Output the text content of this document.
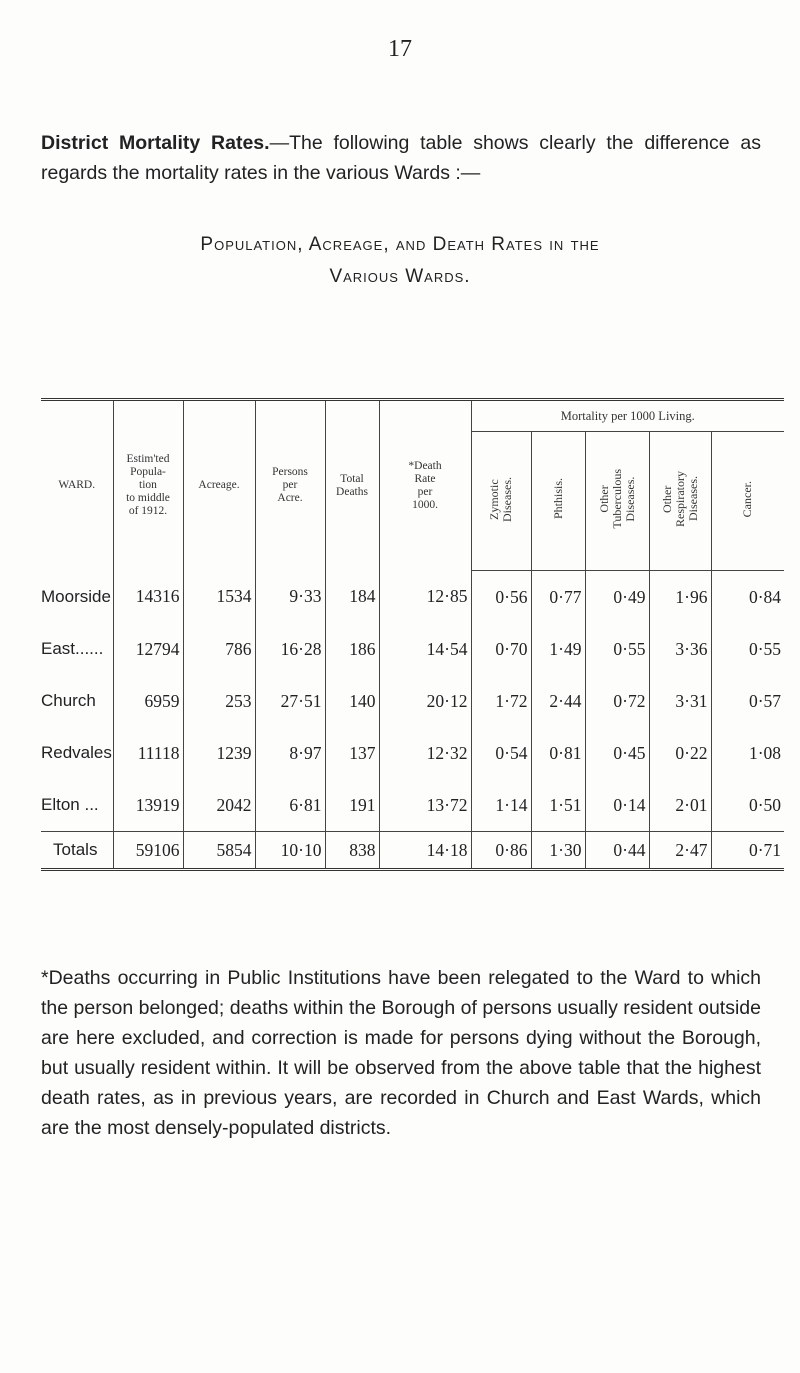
17

District Mortality Rates.—The following table shows clearly the difference as regards the mortality rates in the various Wards :—

Population, Acreage, and Death Rates in the

Various Wards.

WARD.	Estim'ted
Popula-
tion
to middle
of 1912.	Acreage.	Persons
per
Acre.	Total
Deaths	*Death
Rate
per
1000.	Mortality per 1000 Living.				
						Zymotic
Diseases.	Phthisis.	Other
Tuberculous
Diseases.	Other
Respiratory
Diseases.	Cancer.
Moorside	14316	1534	9·33	184	12·85	0·56	0·77	0·49	1·96	0·84
East......	12794	786	16·28	186	14·54	0·70	1·49	0·55	3·36	0·55
Church	6959	253	27·51	140	20·12	1·72	2·44	0·72	3·31	0·57
Redvales	11118	1239	8·97	137	12·32	0·54	0·81	0·45	0·22	1·08
Elton ...	13919	2042	6·81	191	13·72	1·14	1·51	0·14	2·01	0·50
Totals	59106	5854	10·10	838	14·18	0·86	1·30	0·44	2·47	0·71

*Deaths occurring in Public Institutions have been relegated to the Ward to which the person belonged; deaths within the Borough of persons usually resident outside are here excluded, and correction is made for persons dying without the Borough, but usually resident within. It will be observed from the above table that the highest death rates, as in previous years, are recorded in Church and East Wards, which are the most densely-populated districts.
